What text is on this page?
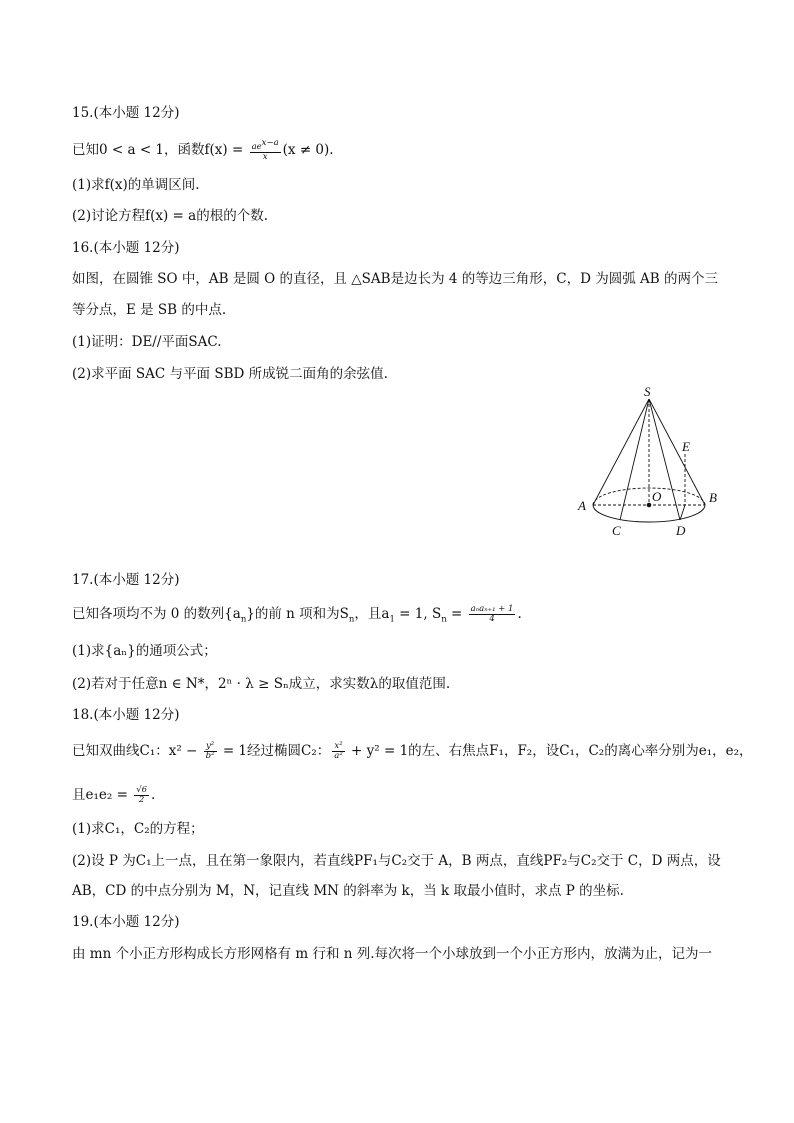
15.(本小题 12分)
已知0 < a < 1，函数$f(x) = \frac{ae^{x-a}}{x} (x \ne 0)$.
(1)求f(x)的单调区间.
(2)讨论方程f(x) = a的根的个数.
16.(本小题 12分)
如图，在圆锥 SO 中，AB 是圆 O 的直径，且 △SAB是边长为 4 的等边三角形，C，D 为圆弧 AB 的两个三
等分点，E 是 SB 的中点.
(1)证明：DE//平面SAC.
(2)求平面 SAC 与平面 SBD 所成锐二面角的余弦值.
S
E
O
A
B
C	D
17.(本小题 12分)
已知各项均不为 0 的数列$\{a_n\}$的前 n 项和为$S_n$，且$a_1 = 1$, $S_n = \frac{\text{aₙaₙ₊₁ + 1}}{4}$ .
(1)求{aₙ}的通项公式；
(2)若对于任意n ∈ N*，2ⁿ · λ ≥ Sₙ成立，求实数λ的取值范围.
18.(本小题 12分)
已知双曲线C₁：$x^2 - \frac{\text{y²}}{\text{b²}} = 1$经过椭圆C₂： $\frac{\text{x²}}{\text{a²}} + y^2 = 1$的左、右焦点F₁，F₂，设C₁，C₂的离心率分别为e₁，e₂，
且$e_1e_2 = \frac{√6}{2}$ .
(1)求C₁，C₂的方程；
(2)设 P 为C₁上一点，且在第一象限内，若直线PF₁与C₂交于 A，B 两点，直线PF₂与C₂交于 C，D 两点，设
AB，CD 的中点分别为 M，N，记直线 MN 的斜率为 k，当 k 取最小值时，求点 P 的坐标.
19.(本小题 12分)
由 mn 个小正方形构成长方形网格有 m 行和 n 列.每次将一个小球放到一个小正方形内，放满为止，记为一
